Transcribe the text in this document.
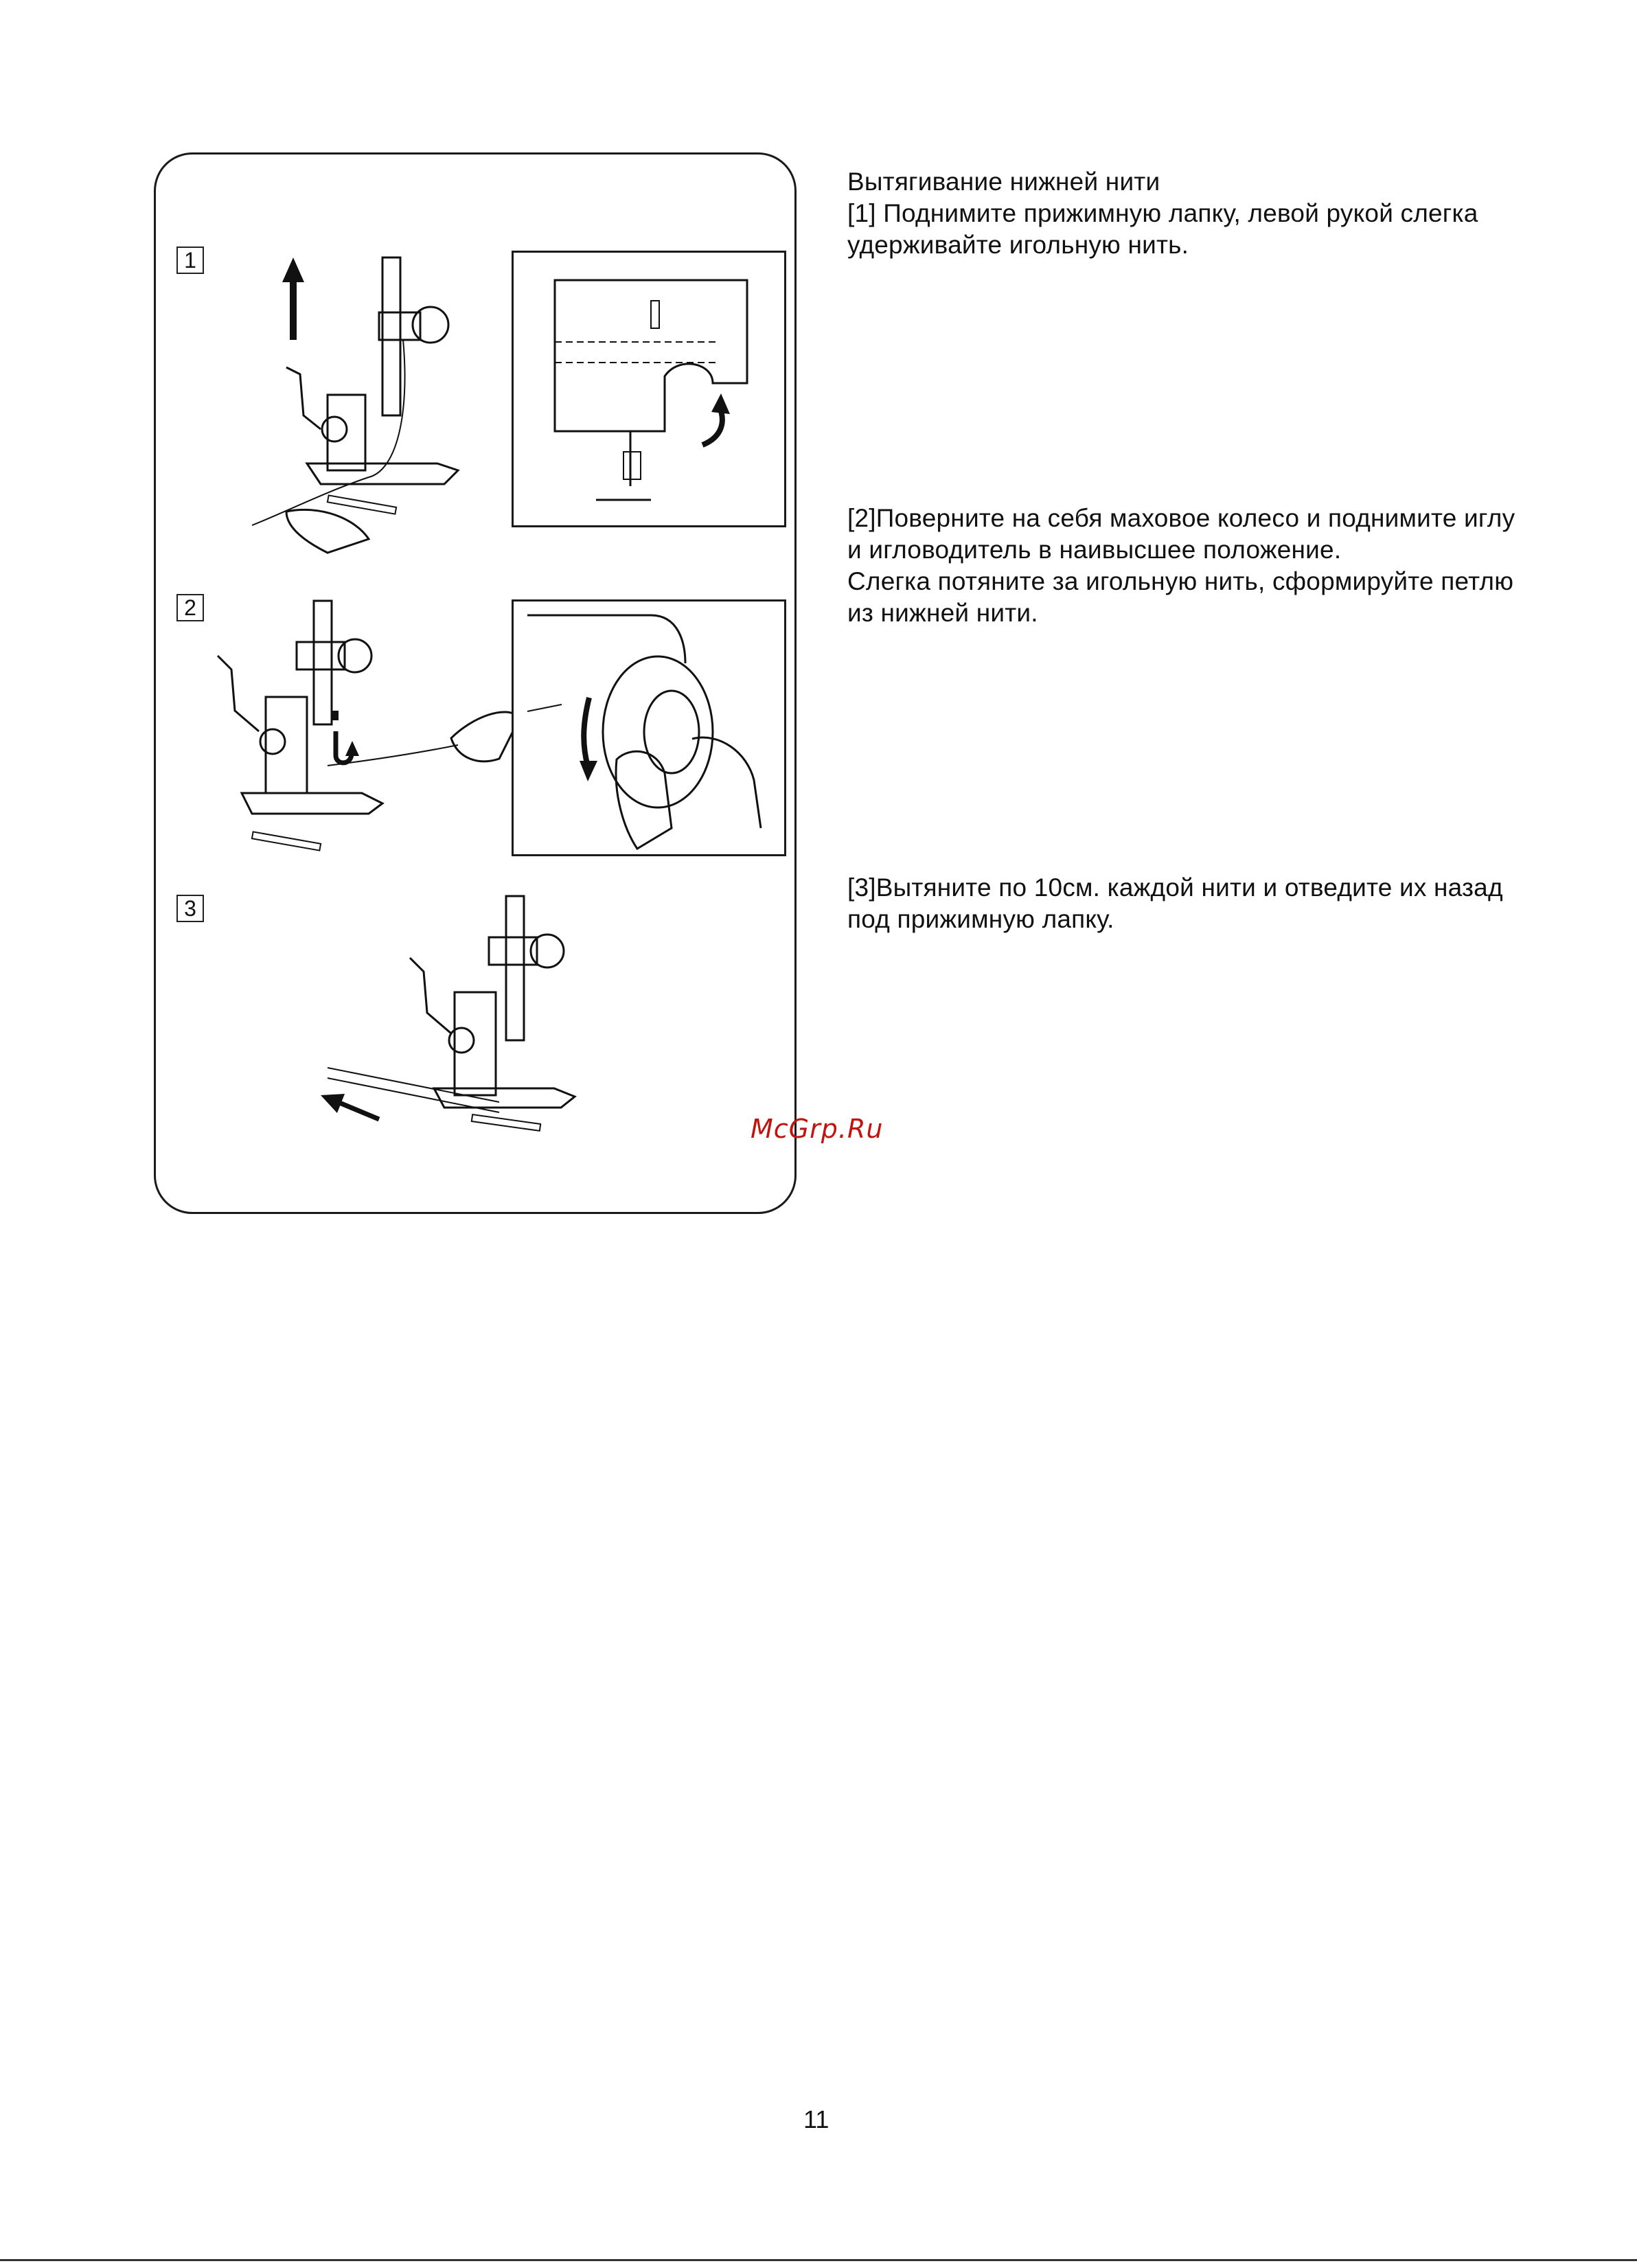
1
2
3

Вытягивание нижней нити

[1] Поднимите прижимную лапку, левой рукой слегка удерживайте игольную нить.

[2]Поверните на себя маховое колесо и поднимите иглу и игловодитель в наивысшее положение.
Слегка потяните за игольную нить, сформируйте петлю из нижней нити.

[3]Вытяните по 10см. каждой нити и отведите их назад под прижимную лапку.

McGrp.Ru
11
